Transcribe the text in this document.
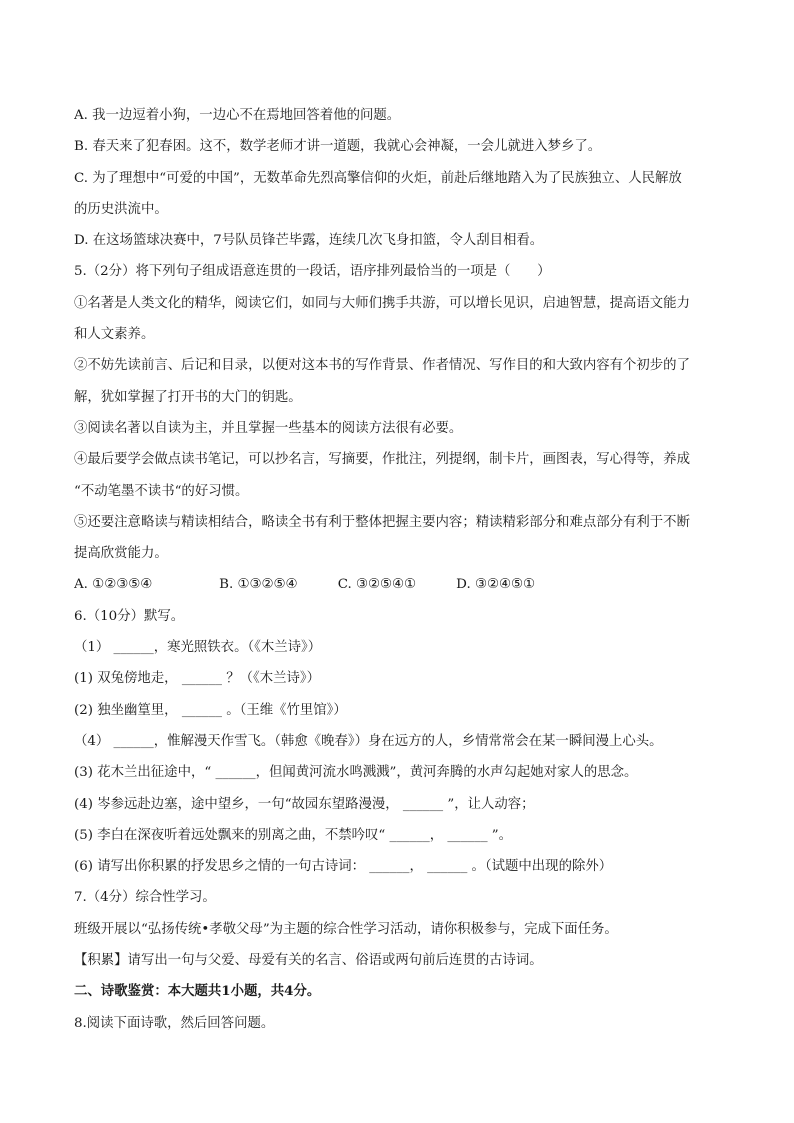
A. 我一边逗着小狗，一边心不在焉地回答着他的问题。
B. 春天来了犯春困。这不，数学老师才讲一道题，我就心会神凝，一会儿就进入梦乡了。
C. 为了理想中“可爱的中国”，无数革命先烈高擎信仰的火炬，前赴后继地踏入为了民族独立、人民解放
的历史洪流中。
D. 在这场篮球决赛中，7号队员锋芒毕露，连续几次飞身扣篮，令人刮目相看。
5.（2分）将下列句子组成语意连贯的一段话，语序排列最恰当的一项是（　　）
①名著是人类文化的精华，阅读它们，如同与大师们携手共游，可以增长见识，启迪智慧，提高语文能力
和人文素养。
②不妨先读前言、后记和目录，以便对这本书的写作背景、作者情况、写作目的和大致内容有个初步的了
解，犹如掌握了打开书的大门的钥匙。
③阅读名著以自读为主，并且掌握一些基本的阅读方法很有必要。
④最后要学会做点读书笔记，可以抄名言，写摘要，作批注，列提纲，制卡片，画图表，写心得等，养成
“不动笔墨不读书“的好习惯。
⑤还要注意略读与精读相结合，略读全书有利于整体把握主要内容；精读精彩部分和难点部分有利于不断
提高欣赏能力。
A. ①②③⑤④　　　　　B. ①③②⑤④　　　C. ③②⑤④①　　　D. ③②④⑤①
6.（10分）默写。
（1） ______，寒光照铁衣。（《木兰诗》）
(1) 双兔傍地走， ______ ？（《木兰诗》）
(2) 独坐幽篁里， ______ 。（王维《竹里馆》）
（4） ______，惟解漫天作雪飞。（韩愈《晚春》）身在远方的人，乡情常常会在某一瞬间漫上心头。
(3) 花木兰出征途中，“ ______，但闻黄河流水鸣溅溅”，黄河奔腾的水声勾起她对家人的思念。
(4) 岑参远赴边塞，途中望乡，一句“故园东望路漫漫， ______ ”，让人动容；
(5) 李白在深夜听着远处飘来的别离之曲，不禁吟叹“ ______， ______ ”。
(6) 请写出你积累的抒发思乡之情的一句古诗词： ______， ______ 。（试题中出现的除外）
7.（4分）综合性学习。
班级开展以“弘扬传统•孝敬父母”为主题的综合性学习活动，请你积极参与，完成下面任务。
【积累】请写出一句与父爱、母爱有关的名言、俗语或两句前后连贯的古诗词。
二、诗歌鉴赏：本大题共1小题，共4分。
8.阅读下面诗歌，然后回答问题。
